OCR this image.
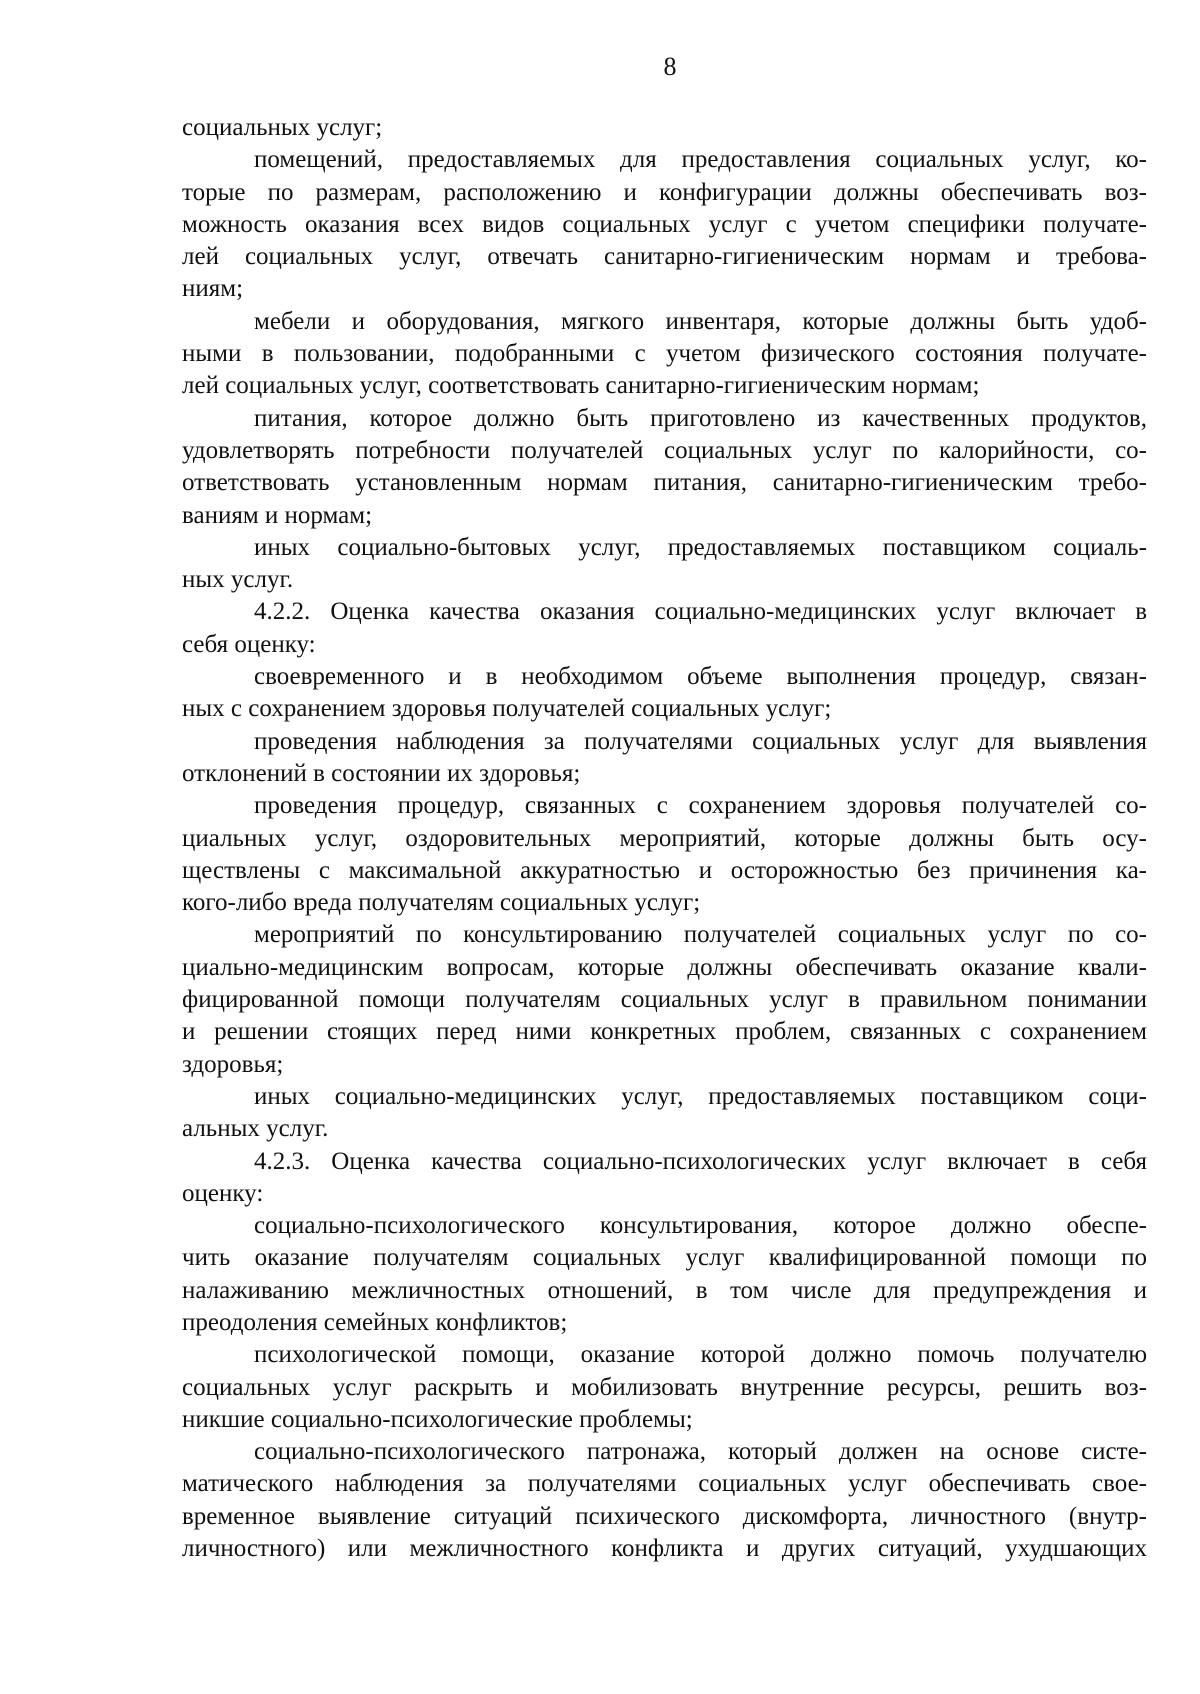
8
социальных услуг;
помещений, предоставляемых для предоставления социальных услуг, ко-
торые по размерам, расположению и конфигурации должны обеспечивать воз-
можность оказания всех видов социальных услуг с учетом специфики получате-
лей социальных услуг, отвечать санитарно-гигиеническим нормам и требова-
ниям;
мебели и оборудования, мягкого инвентаря, которые должны быть удоб-
ными в пользовании, подобранными с учетом физического состояния получате-
лей социальных услуг, соответствовать санитарно-гигиеническим нормам;
питания, которое должно быть приготовлено из качественных продуктов,
удовлетворять потребности получателей социальных услуг по калорийности, со-
ответствовать установленным нормам питания, санитарно-гигиеническим требо-
ваниям и нормам;
иных социально-бытовых услуг, предоставляемых поставщиком социаль-
ных услуг.
4.2.2. Оценка качества оказания социально-медицинских услуг включает в
себя оценку:
своевременного и в необходимом объеме выполнения процедур, связан-
ных с сохранением здоровья получателей социальных услуг;
проведения наблюдения за получателями социальных услуг для выявления
отклонений в состоянии их здоровья;
проведения процедур, связанных с сохранением здоровья получателей со-
циальных услуг, оздоровительных мероприятий, которые должны быть осу-
ществлены с максимальной аккуратностью и осторожностью без причинения ка-
кого-либо вреда получателям социальных услуг;
мероприятий по консультированию получателей социальных услуг по со-
циально-медицинским вопросам, которые должны обеспечивать оказание квали-
фицированной помощи получателям социальных услуг в правильном понимании
и решении стоящих перед ними конкретных проблем, связанных с сохранением
здоровья;
иных социально-медицинских услуг, предоставляемых поставщиком соци-
альных услуг.
4.2.3. Оценка качества социально-психологических услуг включает в себя
оценку:
социально-психологического консультирования, которое должно обеспе-
чить оказание получателям социальных услуг квалифицированной помощи по
налаживанию межличностных отношений, в том числе для предупреждения и
преодоления семейных конфликтов;
психологической помощи, оказание которой должно помочь получателю
социальных услуг раскрыть и мобилизовать внутренние ресурсы, решить воз-
никшие социально-психологические проблемы;
социально-психологического патронажа, который должен на основе систе-
матического наблюдения за получателями социальных услуг обеспечивать свое-
временное выявление ситуаций психического дискомфорта, личностного (внутр-
личностного) или межличностного конфликта и других ситуаций, ухудшающих
